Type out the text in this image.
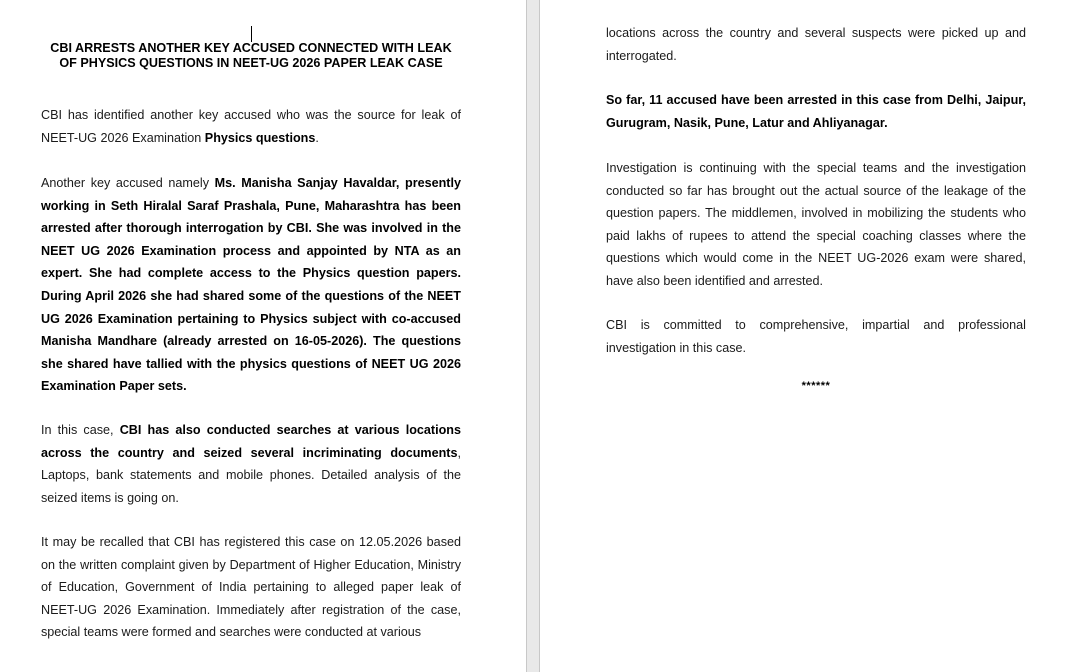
CBI ARRESTS ANOTHER KEY ACCUSED CONNECTED WITH LEAK OF PHYSICS QUESTIONS IN NEET-UG 2026 PAPER LEAK CASE

CBI has identified another key accused who was the source for leak of NEET-UG 2026 Examination Physics questions.

Another key accused namely Ms. Manisha Sanjay Havaldar, presently working in Seth Hiralal Saraf Prashala, Pune, Maharashtra has been arrested after thorough interrogation by CBI. She was involved in the NEET UG 2026 Examination process and appointed by NTA as an expert. She had complete access to the Physics question papers. During April 2026 she had shared some of the questions of the NEET UG 2026 Examination pertaining to Physics subject with co-accused Manisha Mandhare (already arrested on 16-05-2026). The questions she shared have tallied with the physics questions of NEET UG 2026 Examination Paper sets.

In this case, CBI has also conducted searches at various locations across the country and seized several incriminating documents, Laptops, bank statements and mobile phones. Detailed analysis of the seized items is going on.

It may be recalled that CBI has registered this case on 12.05.2026 based on the written complaint given by Department of Higher Education, Ministry of Education, Government of India pertaining to alleged paper leak of NEET-UG 2026 Examination. Immediately after registration of the case, special teams were formed and searches were conducted at various

locations across the country and several suspects were picked up and interrogated.

So far, 11 accused have been arrested in this case from Delhi, Jaipur, Gurugram, Nasik, Pune, Latur and Ahliyanagar.

Investigation is continuing with the special teams and the investigation conducted so far has brought out the actual source of the leakage of the question papers. The middlemen, involved in mobilizing the students who paid lakhs of rupees to attend the special coaching classes where the questions which would come in the NEET UG-2026 exam were shared, have also been identified and arrested.

CBI is committed to comprehensive, impartial and professional investigation in this case.

******
